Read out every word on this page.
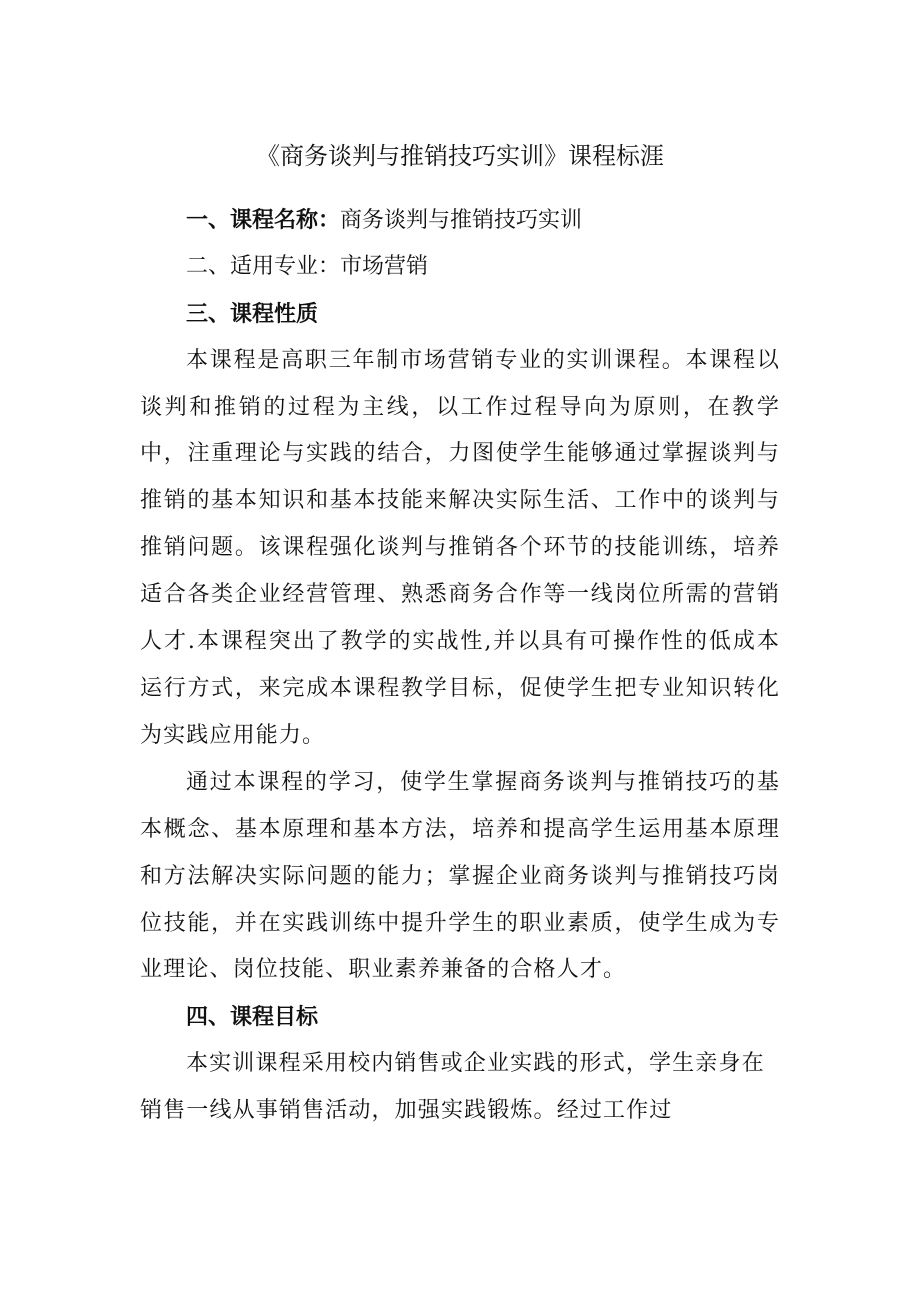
《商务谈判与推销技巧实训》课程标涯
一、课程名称：商务谈判与推销技巧实训
二、适用专业：市场营销
三、课程性质

本课程是高职三年制市场营销专业的实训课程。本课程以谈判和推销的过程为主线，以工作过程导向为原则，在教学中，注重理论与实践的结合，力图使学生能够通过掌握谈判与推销的基本知识和基本技能来解决实际生活、工作中的谈判与推销问题。该课程强化谈判与推销各个环节的技能训练，培养适合各类企业经营管理、熟悉商务合作等一线岗位所需的营销人才.本课程突出了教学的实战性,并以具有可操作性的低成本运行方式，来完成本课程教学目标，促使学生把专业知识转化为实践应用能力。

通过本课程的学习，使学生掌握商务谈判与推销技巧的基本概念、基本原理和基本方法，培养和提高学生运用基本原理和方法解决实际问题的能力；掌握企业商务谈判与推销技巧岗位技能，并在实践训练中提升学生的职业素质，使学生成为专业理论、岗位技能、职业素养兼备的合格人才。

四、课程目标

本实训课程采用校内销售或企业实践的形式，学生亲身在销售一线从事销售活动，加强实践锻炼。经过工作过
